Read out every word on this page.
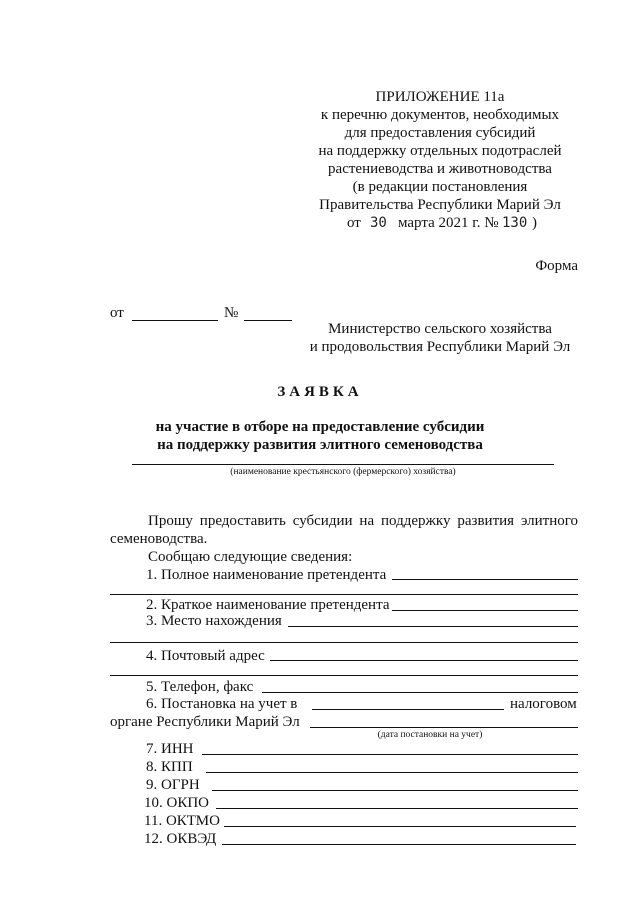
ПРИЛОЖЕНИЕ 11а
к перечню документов, необходимых
для предоставления субсидий
на поддержку отдельных подотраслей
растениеводства и животноводства
(в редакции постановления
Правительства Республики Марий Эл
от 30 марта 2021 г. № 130 )
Форма
от	№
Министерство сельского хозяйства
и продовольствия Республики Марий Эл
ЗАЯВКА
на участие в отборе на предоставление субсидии
на поддержку развития элитного семеноводства
(наименование крестьянского (фермерского) хозяйства)
Прошу предоставить субсидии на поддержку развития элитного
семеноводства.
Сообщаю следующие сведения:
1. Полное наименование претендента
2. Краткое наименование претендента
3. Место нахождения
4. Почтовый адрес
5. Телефон, факс
6. Постановка на учет в	налоговом
органе Республики Марий Эл
(дата постановки на учет)
7. ИНН
8. КПП
9. ОГРН
10. ОКПО
11. ОКТМО
12. ОКВЭД
